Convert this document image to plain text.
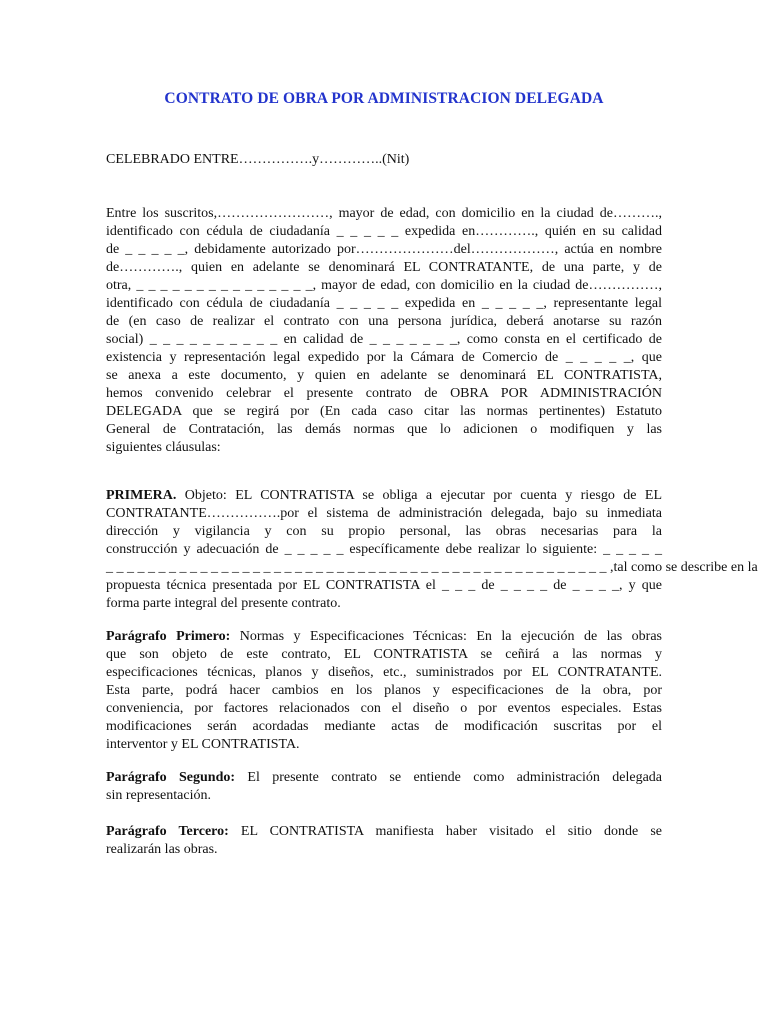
CONTRATO DE OBRA POR ADMINISTRACION DELEGADA
CELEBRADO ENTRE…………….y…………..(Nit)
Entre los suscritos,……………………, mayor de edad, con domicilio en la ciudad de……….,
identificado con cédula de ciudadanía _ _ _ _ _ expedida en…………., quién en su calidad
de _ _ _ _ _, debidamente autorizado por…………………del………………, actúa en nombre
de…………., quien en adelante se denominará EL CONTRATANTE, de una parte, y de
otra, _ _ _ _ _ _ _ _ _ _ _ _ _ _ _, mayor de edad, con domicilio en la ciudad de……………,
identificado con cédula de ciudadanía _ _ _ _ _ expedida en _ _ _ _ _, representante legal
de (en caso de realizar el contrato con una persona jurídica, deberá anotarse su razón
social) _ _ _ _ _ _ _ _ _ _ en calidad de _ _ _ _ _ _ _, como consta en el certificado de
existencia y representación legal expedido por la Cámara de Comercio de _ _ _ _ _, que
se anexa a este documento, y quien en adelante se denominará EL CONTRATISTA,
hemos convenido celebrar el presente contrato de OBRA POR ADMINISTRACIÓN
DELEGADA que se regirá por (En cada caso citar las normas pertinentes) Estatuto
General de Contratación, las demás normas que lo adicionen o modifiquen y las
siguientes cláusulas:
PRIMERA. Objeto: EL CONTRATISTA se obliga a ejecutar por cuenta y riesgo de EL
CONTRATANTE…………….por el sistema de administración delegada, bajo su inmediata
dirección y vigilancia y con su propio personal, las obras necesarias para la
construcción y adecuación de _ _ _ _ _ específicamente debe realizar lo siguiente: _ _ _ _ _
_ _ _ _ _ _ _ _ _ _ _ _ _ _ _ _ _ _ _ _ _ _ _ _ _ _ _ _ _ _ _ _ _ _ _ _ _ _ _ _ _ _ _ _ _ _ _ _ ,tal como se describe en la
propuesta técnica presentada por EL CONTRATISTA el _ _ _ de _ _ _ _ de _ _ _ _, y que
forma parte integral del presente contrato.
Parágrafo Primero: Normas y Especificaciones Técnicas: En la ejecución de las obras
que son objeto de este contrato, EL CONTRATISTA se ceñirá a las normas y
especificaciones técnicas, planos y diseños, etc., suministrados por EL CONTRATANTE.
Esta parte, podrá hacer cambios en los planos y especificaciones de la obra, por
conveniencia, por factores relacionados con el diseño o por eventos especiales. Estas
modificaciones serán acordadas mediante actas de modificación suscritas por el
interventor y EL CONTRATISTA.
Parágrafo Segundo: El presente contrato se entiende como administración delegada
sin representación.
Parágrafo Tercero: EL CONTRATISTA manifiesta haber visitado el sitio donde se
realizarán las obras.
